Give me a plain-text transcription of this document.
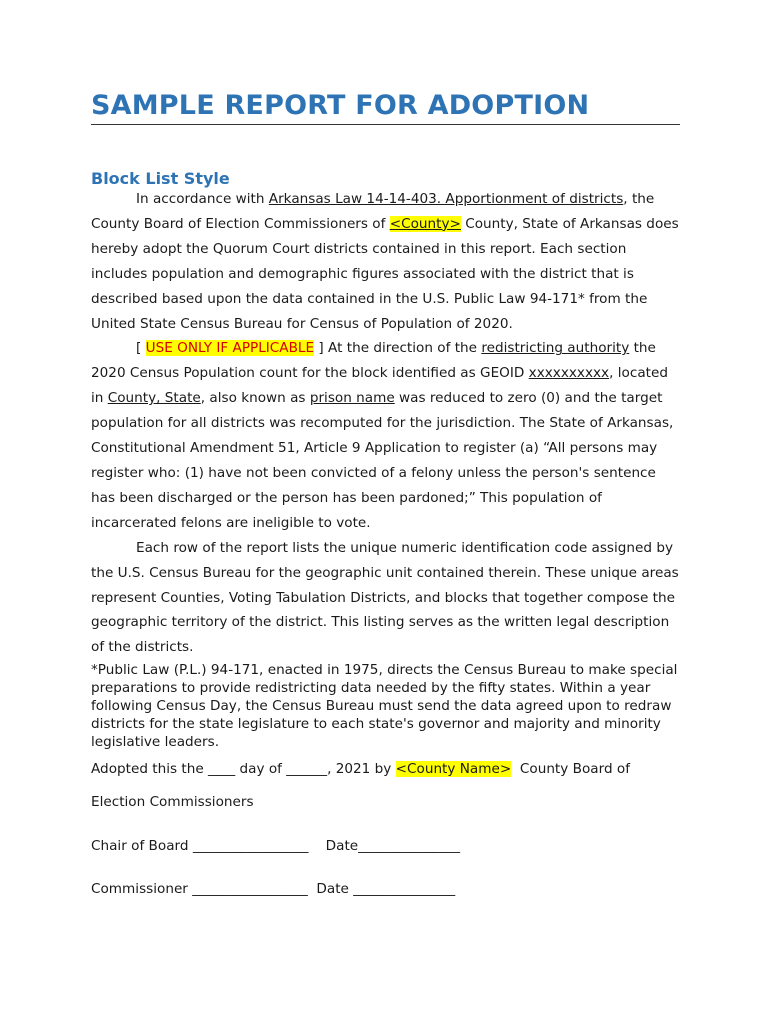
SAMPLE REPORT FOR ADOPTION
Block List Style

In accordance with Arkansas Law 14-14-403. Apportionment of districts, the County Board of Election Commissioners of <County> County, State of Arkansas does hereby adopt the Quorum Court districts contained in this report. Each section includes population and demographic figures associated with the district that is described based upon the data contained in the U.S. Public Law 94-171* from the United State Census Bureau for Census of Population of 2020.

[ USE ONLY IF APPLICABLE ] At the direction of the redistricting authority the 2020 Census Population count for the block identified as GEOID xxxxxxxxxx, located in County, State, also known as prison name was reduced to zero (0) and the target population for all districts was recomputed for the jurisdiction. The State of Arkansas, Constitutional Amendment 51, Article 9 Application to register (a) “All persons may register who: (1) have not been convicted of a felony unless the person's sentence has been discharged or the person has been pardoned;” This population of incarcerated felons are ineligible to vote.

Each row of the report lists the unique numeric identification code assigned by the U.S. Census Bureau for the geographic unit contained therein. These unique areas represent Counties, Voting Tabulation Districts, and blocks that together compose the geographic territory of the district. This listing serves as the written legal description of the districts.

*Public Law (P.L.) 94-171, enacted in 1975, directs the Census Bureau to make special preparations to provide redistricting data needed by the fifty states. Within a year following Census Day, the Census Bureau must send the data agreed upon to redraw districts for the state legislature to each state's governor and majority and minority legislative leaders.

Adopted this the ____ day of ______, 2021 by <County Name>  County Board of
Election Commissioners
Chair of Board _________________    Date_______________
Commissioner _________________  Date _______________
